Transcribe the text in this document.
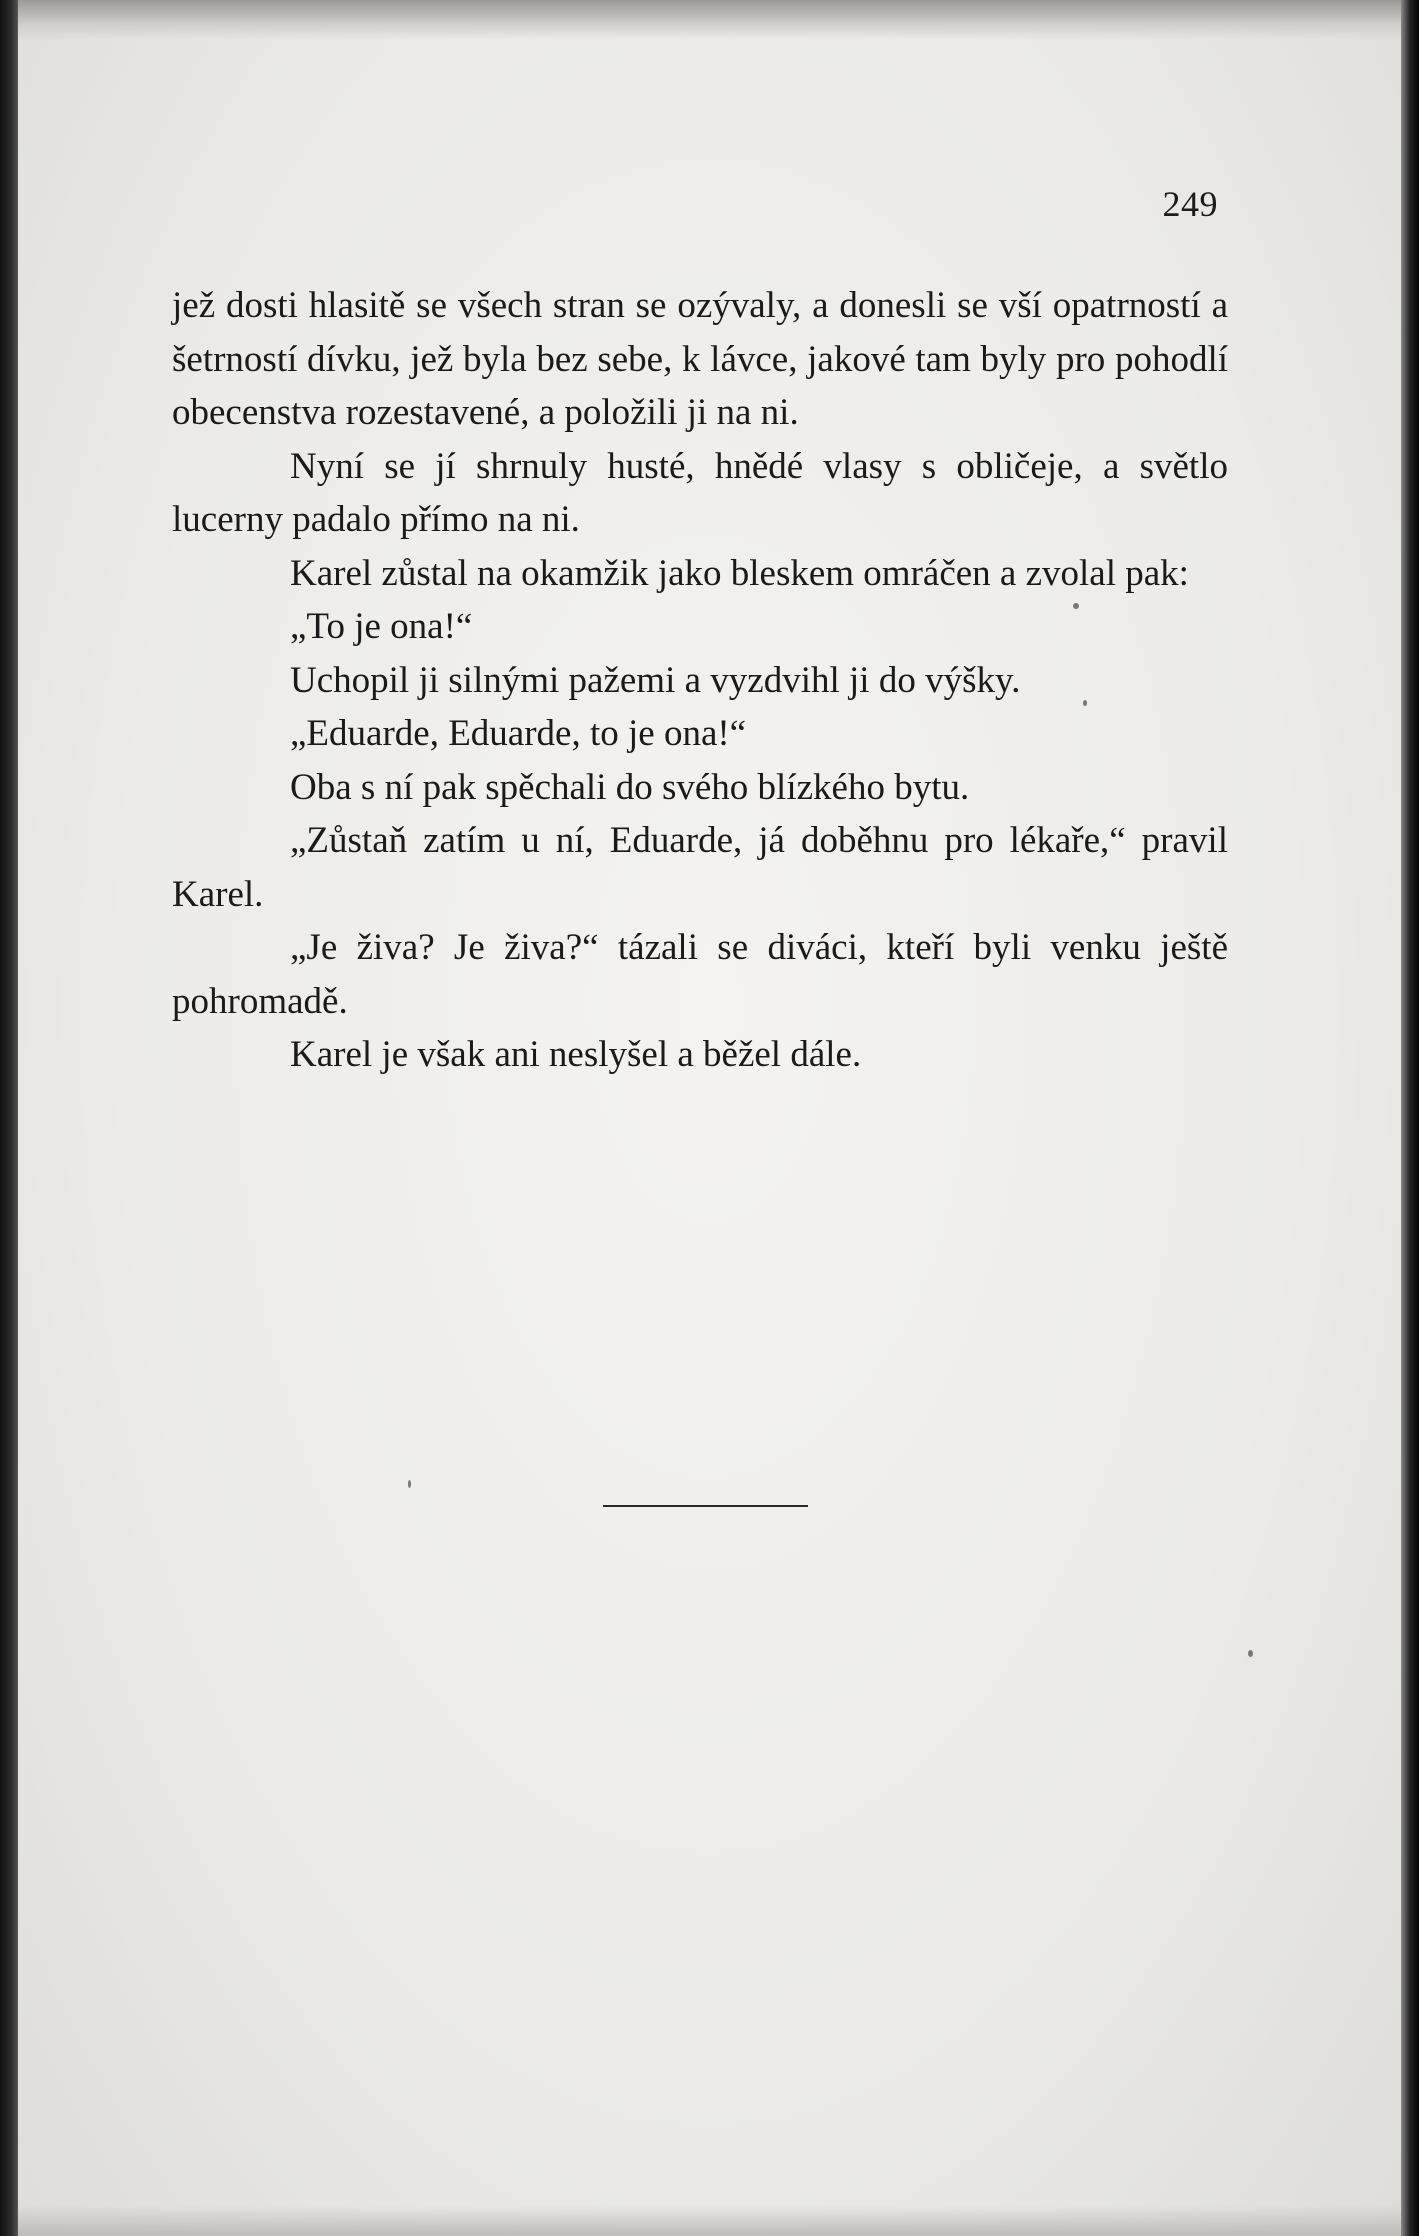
249

jež dosti hlasitě se všech stran se ozývaly, a donesli se vší opatrností a šetrností dívku, jež byla bez sebe, k lávce, jakové tam byly pro pohodlí obecenstva rozestavené, a položili ji na ni.

Nyní se jí shrnuly husté, hnědé vlasy s obličeje, a světlo lucerny padalo přímo na ni.

Karel zůstal na okamžik jako bleskem omráčen a zvolal pak:

„To je ona!“

Uchopil ji silnými pažemi a vyzdvihl ji do výšky.

„Eduarde, Eduarde, to je ona!“

Oba s ní pak spěchali do svého blízkého bytu.

„Zůstaň zatím u ní, Eduarde, já doběhnu pro lékaře,“ pravil Karel.

„Je živa? Je živa?“ tázali se diváci, kteří byli venku ještě pohromadě.

Karel je však ani neslyšel a běžel dále.
